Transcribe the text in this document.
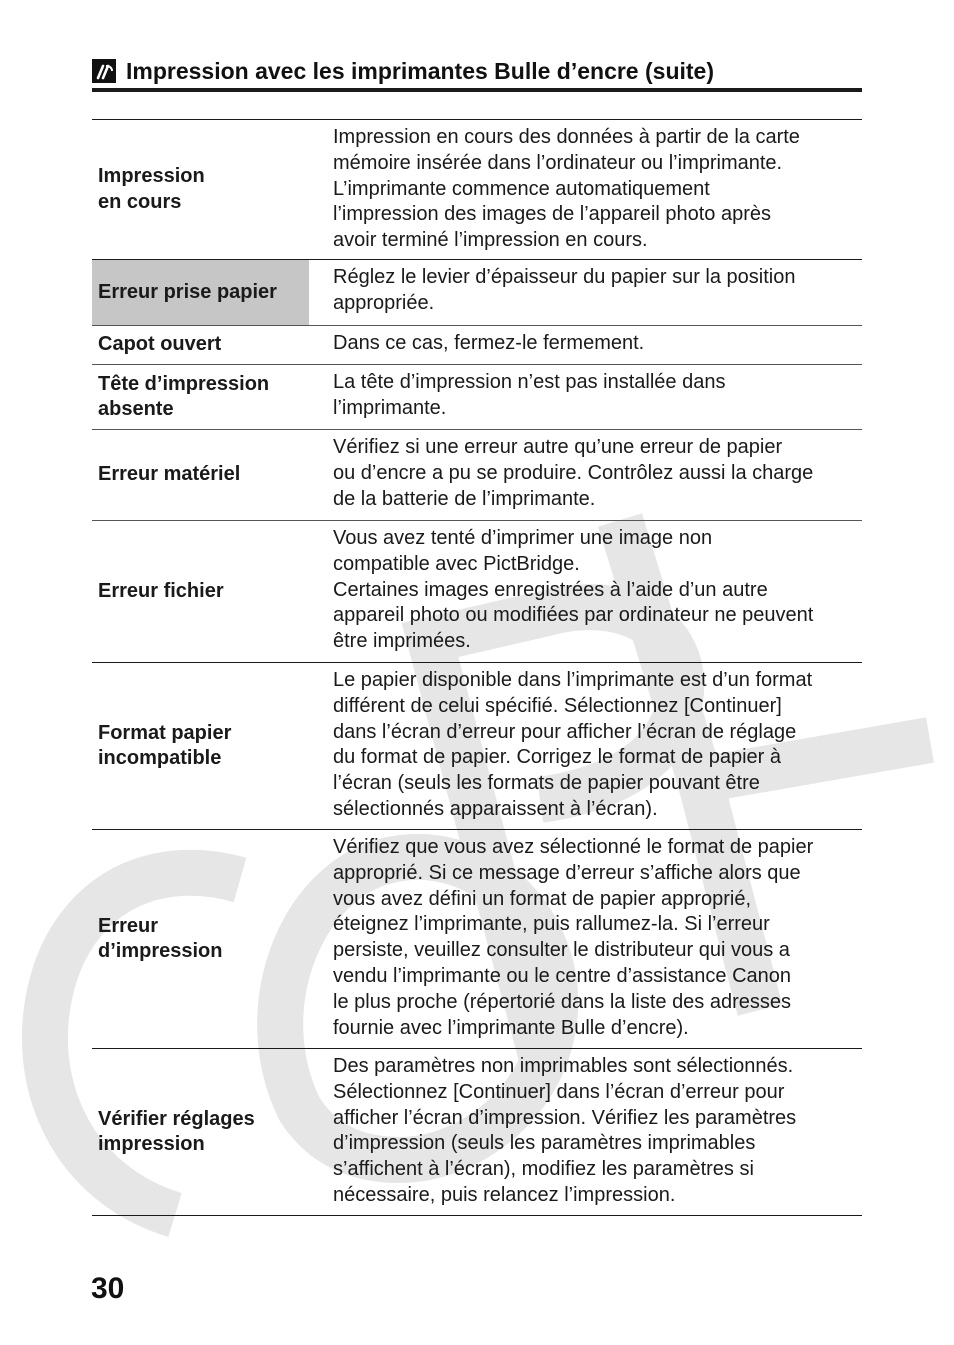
Impression avec les imprimantes Bulle d’encre (suite)
Impression
en cours
Impression en cours des données à partir de la carte
mémoire insérée dans l’ordinateur ou l’imprimante.
L’imprimante commence automatiquement
l’impression des images de l’appareil photo après
avoir terminé l’impression en cours.
Erreur prise papier
Réglez le levier d’épaisseur du papier sur la position
appropriée.
Capot ouvert	Dans ce cas, fermez-le fermement.
Tête d’impression
absente
La tête d’impression n’est pas installée dans
l’imprimante.
Erreur matériel
Vérifiez si une erreur autre qu’une erreur de papier
ou d’encre a pu se produire. Contrôlez aussi la charge
de la batterie de l’imprimante.
Erreur fichier
Vous avez tenté d’imprimer une image non
compatible avec PictBridge.
Certaines images enregistrées à l’aide d’un autre
appareil photo ou modifiées par ordinateur ne peuvent
être imprimées.
Format papier
incompatible
Le papier disponible dans l’imprimante est d’un format
différent de celui spécifié. Sélectionnez [Continuer]
dans l’écran d’erreur pour afficher l’écran de réglage
du format de papier. Corrigez le format de papier à
l’écran (seuls les formats de papier pouvant être
sélectionnés apparaissent à l’écran).
Erreur
d’impression
Vérifiez que vous avez sélectionné le format de papier
approprié. Si ce message d’erreur s’affiche alors que
vous avez défini un format de papier approprié,
éteignez l’imprimante, puis rallumez-la. Si l’erreur
persiste, veuillez consulter le distributeur qui vous a
vendu l’imprimante ou le centre d’assistance Canon
le plus proche (répertorié dans la liste des adresses
fournie avec l’imprimante Bulle d’encre).
Vérifier réglages
impression
Des paramètres non imprimables sont sélectionnés.
Sélectionnez [Continuer] dans l’écran d’erreur pour
afficher l’écran d’impression. Vérifiez les paramètres
d’impression (seuls les paramètres imprimables
s’affichent à l’écran), modifiez les paramètres si
nécessaire, puis relancez l’impression.
30
